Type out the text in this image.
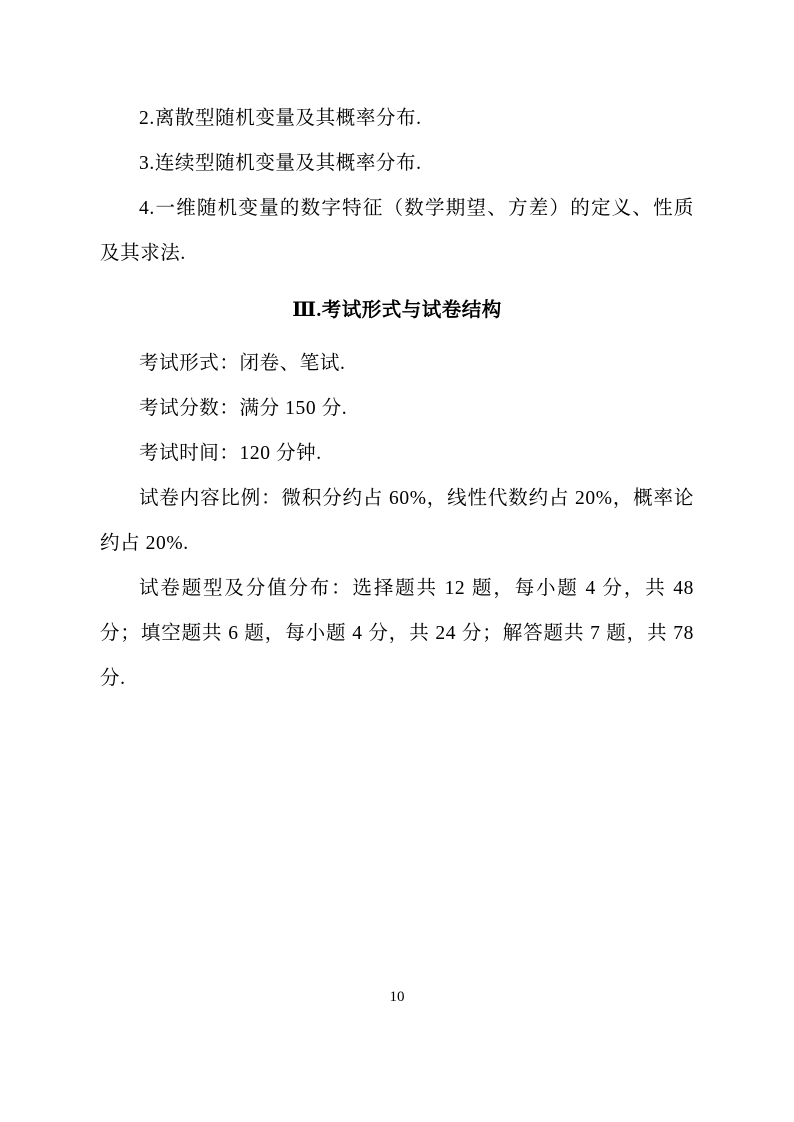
2.离散型随机变量及其概率分布.

3.连续型随机变量及其概率分布.

4.一维随机变量的数字特征（数学期望、方差）的定义、性质及其求法.

Ⅲ.考试形式与试卷结构

考试形式：闭卷、笔试.

考试分数：满分 150 分.

考试时间：120 分钟.

试卷内容比例：微积分约占 60%，线性代数约占 20%，概率论约占 20%.

试卷题型及分值分布：选择题共 12 题，每小题 4 分，共 48 分；填空题共 6 题，每小题 4 分，共 24 分；解答题共 7 题，共 78 分.

10
